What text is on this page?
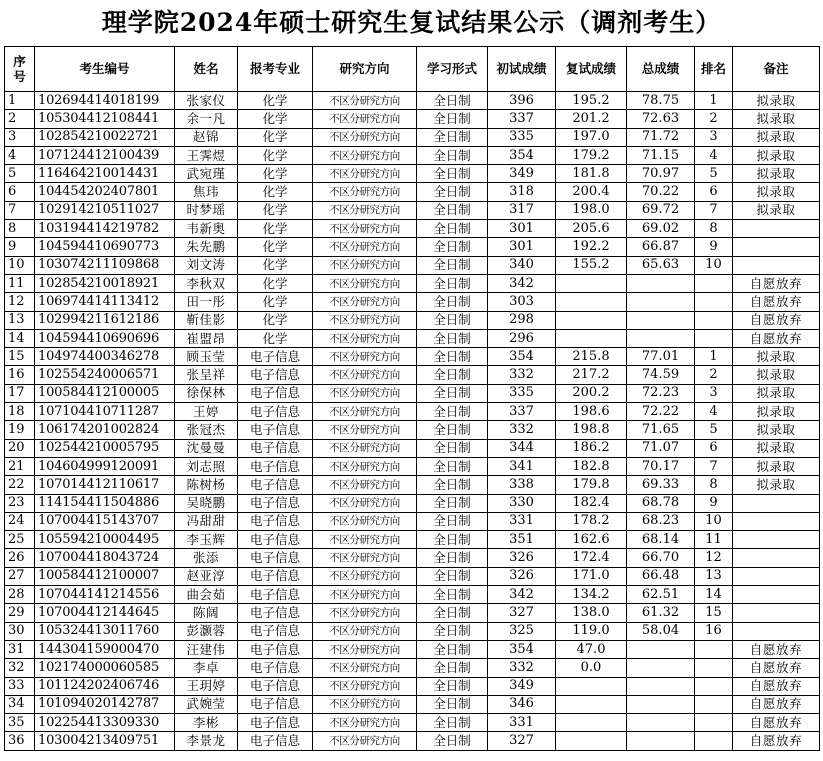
理学院2024年硕士研究生复试结果公示（调剂考生）
序
号	考生编号	姓名	报考专业	研究方向	学习形式	初试成绩	复试成绩	总成绩	排名	备注
1	102694414018199	张家仪	化学	不区分研究方向	全日制	396	195.2	78.75	1	拟录取
2	105304412108441	余一凡	化学	不区分研究方向	全日制	337	201.2	72.63	2	拟录取
3	102854210022721	赵锦	化学	不区分研究方向	全日制	335	197.0	71.72	3	拟录取
4	107124412100439	王霁煜	化学	不区分研究方向	全日制	354	179.2	71.15	4	拟录取
5	116464210014431	武宛瑾	化学	不区分研究方向	全日制	349	181.8	70.97	5	拟录取
6	104454202407801	焦玮	化学	不区分研究方向	全日制	318	200.4	70.22	6	拟录取
7	102914210511027	时梦瑶	化学	不区分研究方向	全日制	317	198.0	69.72	7	拟录取
8	103194414219782	韦新奥	化学	不区分研究方向	全日制	301	205.6	69.02	8	
9	104594410690773	朱先鹏	化学	不区分研究方向	全日制	301	192.2	66.87	9	
10	103074211109868	刘文涛	化学	不区分研究方向	全日制	340	155.2	65.63	10	
11	102854210018921	李秋双	化学	不区分研究方向	全日制	342				自愿放弃
12	106974414113412	田一彤	化学	不区分研究方向	全日制	303				自愿放弃
13	102994211612186	靳佳影	化学	不区分研究方向	全日制	298				自愿放弃
14	104594410690696	崔盟昂	化学	不区分研究方向	全日制	296				自愿放弃
15	104974400346278	顾玉莹	电子信息	不区分研究方向	全日制	354	215.8	77.01	1	拟录取
16	102554240006571	张呈祥	电子信息	不区分研究方向	全日制	332	217.2	74.59	2	拟录取
17	100584412100005	徐保林	电子信息	不区分研究方向	全日制	335	200.2	72.23	3	拟录取
18	107104410711287	王婷	电子信息	不区分研究方向	全日制	337	198.6	72.22	4	拟录取
19	106174201002824	张冠杰	电子信息	不区分研究方向	全日制	332	198.8	71.65	5	拟录取
20	102544210005795	沈曼曼	电子信息	不区分研究方向	全日制	344	186.2	71.07	6	拟录取
21	104604999120091	刘志照	电子信息	不区分研究方向	全日制	341	182.8	70.17	7	拟录取
22	107014412110617	陈树杨	电子信息	不区分研究方向	全日制	338	179.8	69.33	8	拟录取
23	114154411504886	吴晓鹏	电子信息	不区分研究方向	全日制	330	182.4	68.78	9	
24	107004415143707	冯甜甜	电子信息	不区分研究方向	全日制	331	178.2	68.23	10	
25	105594210004495	李玉辉	电子信息	不区分研究方向	全日制	351	162.6	68.14	11	
26	107004418043724	张添	电子信息	不区分研究方向	全日制	326	172.4	66.70	12	
27	100584412100007	赵亚淳	电子信息	不区分研究方向	全日制	326	171.0	66.48	13	
28	107044141214556	曲会茹	电子信息	不区分研究方向	全日制	342	134.2	62.51	14	
29	107004412144645	陈阔	电子信息	不区分研究方向	全日制	327	138.0	61.32	15	
30	105324413011760	彭灏蓉	电子信息	不区分研究方向	全日制	325	119.0	58.04	16	
31	144304159000470	汪建伟	电子信息	不区分研究方向	全日制	354	47.0			自愿放弃
32	102174000060585	李卓	电子信息	不区分研究方向	全日制	332	0.0			自愿放弃
33	101124202406746	王玥婷	电子信息	不区分研究方向	全日制	349				自愿放弃
34	101094020142787	武婉莹	电子信息	不区分研究方向	全日制	346				自愿放弃
35	102254413309330	李彬	电子信息	不区分研究方向	全日制	331				自愿放弃
36	103004213409751	李景龙	电子信息	不区分研究方向	全日制	327				自愿放弃
